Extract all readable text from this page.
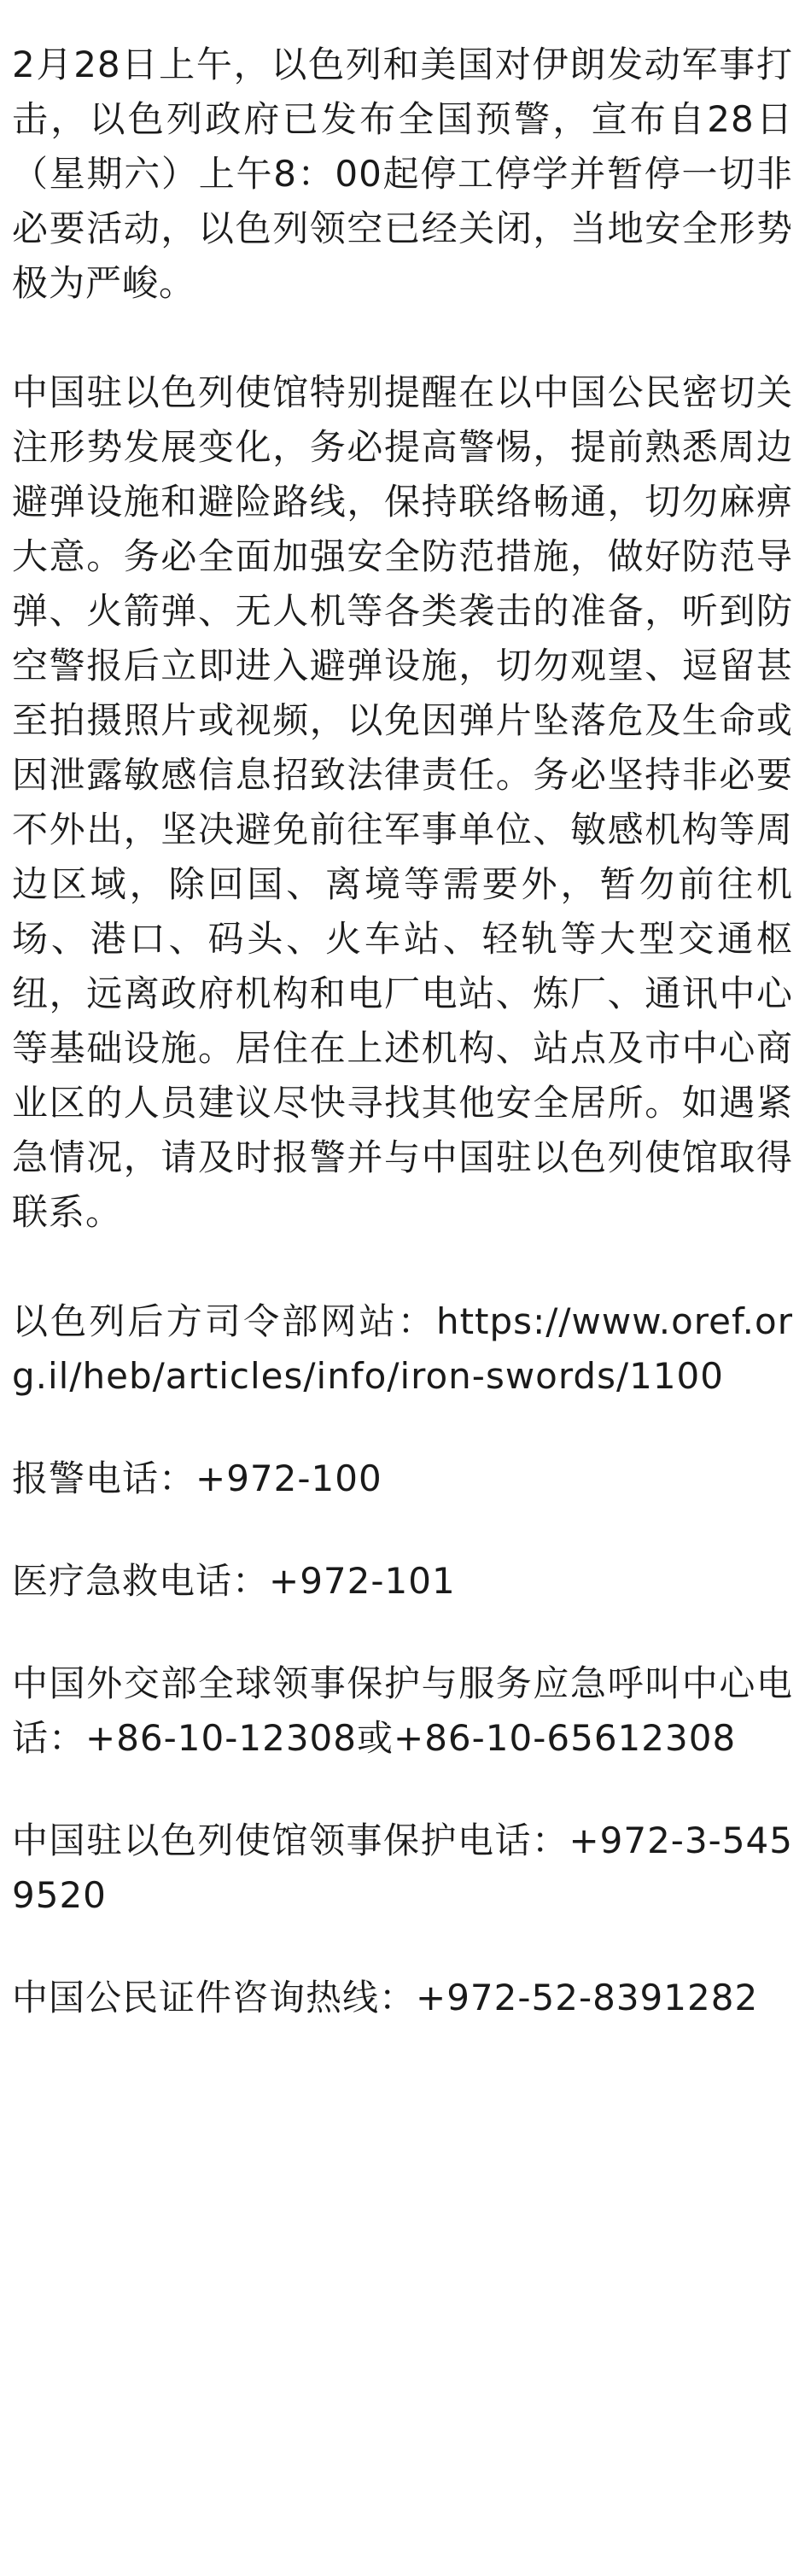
2月28日上午，以色列和美国对伊朗发动军事打击，以色列政府已发布全国预警，宣布自28日（星期六）上午8：00起停工停学并暂停一切非必要活动，以色列领空已经关闭，当地安全形势极为严峻。

中国驻以色列使馆特别提醒在以中国公民密切关注形势发展变化，务必提高警惕，提前熟悉周边避弹设施和避险路线，保持联络畅通，切勿麻痹大意。务必全面加强安全防范措施，做好防范导弹、火箭弹、无人机等各类袭击的准备，听到防空警报后立即进入避弹设施，切勿观望、逗留甚至拍摄照片或视频，以免因弹片坠落危及生命或因泄露敏感信息招致法律责任。务必坚持非必要不外出，坚决避免前往军事单位、敏感机构等周边区域，除回国、离境等需要外，暂勿前往机场、港口、码头、火车站、轻轨等大型交通枢纽，远离政府机构和电厂电站、炼厂、通讯中心等基础设施。居住在上述机构、站点及市中心商业区的人员建议尽快寻找其他安全居所。如遇紧急情况，请及时报警并与中国驻以色列使馆取得联系。

以色列后方司令部网站：https://www.oref.org.il/heb/articles/info/iron-swords/1100

报警电话：+972-100

医疗急救电话：+972-101

中国外交部全球领事保护与服务应急呼叫中心电话：+86-10-12308或+86-10-65612308

中国驻以色列使馆领事保护电话：+972-3-5459520

中国公民证件咨询热线：+972-52-8391282
